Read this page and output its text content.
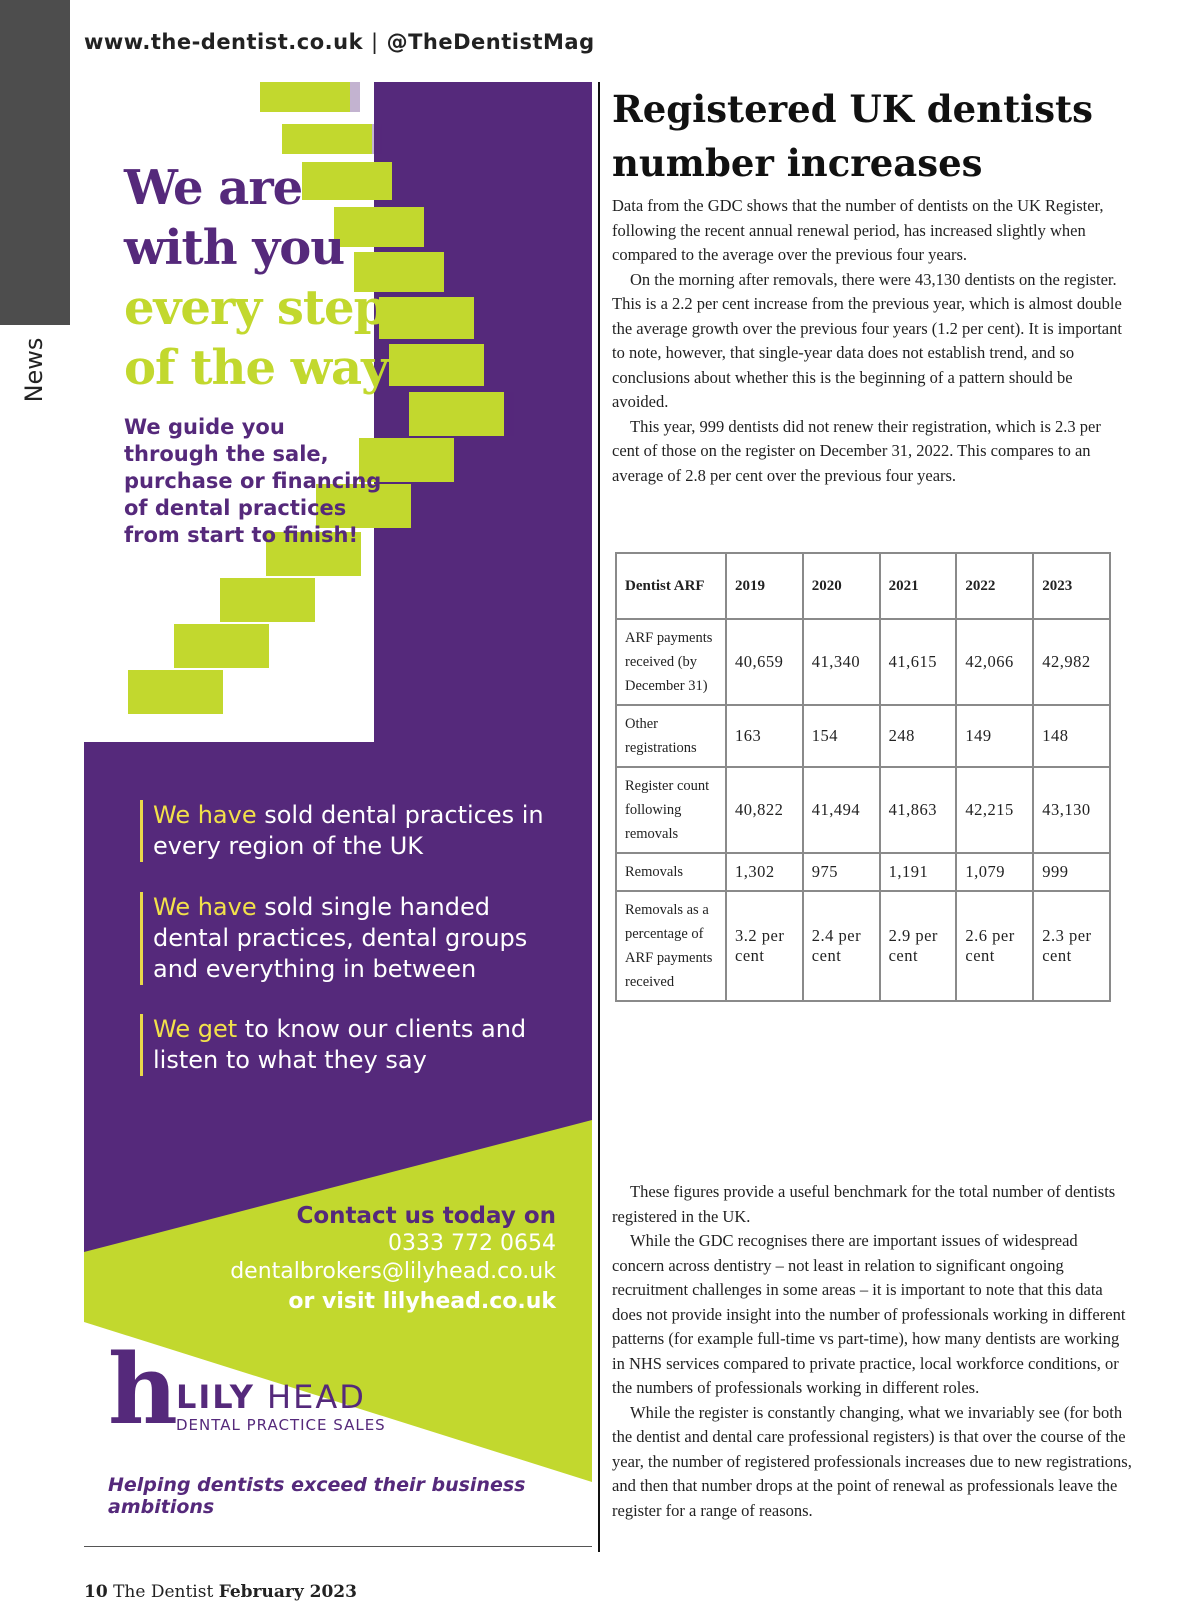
News
www.the-dentist.co.uk | @TheDentistMag
We are
with you
every step
of the way
We guide you through the sale, purchase or financing of dental practices from start to finish!
We have sold dental practices in every region of the UK
We have sold single handed dental practices, dental groups and everything in between
We get to know our clients and listen to what they say
Contact us today on
0333 772 0654
dentalbrokers@lilyhead.co.uk
or visit lilyhead.co.uk
h
LILY HEAD
DENTAL PRACTICE SALES
Helping dentists exceed their business ambitions
Registered UK dentists number increases

Data from the GDC shows that the number of dentists on the UK Register, following the recent annual renewal period, has increased slightly when compared to the average over the previous four years.

On the morning after removals, there were 43,130 dentists on the register. This is a 2.2 per cent increase from the previous year, which is almost double the average growth over the previous four years (1.2 per cent). It is important to note, however, that single-year data does not establish trend, and so conclusions about whether this is the beginning of a pattern should be avoided.

This year, 999 dentists did not renew their registration, which is 2.3 per cent of those on the register on December 31, 2022. This compares to an average of 2.8 per cent over the previous four years.

Dentist ARF	2019	2020	2021	2022	2023
ARF payments received (by December 31)	40,659	41,340	41,615	42,066	42,982
Other registrations	163	154	248	149	148
Register count following removals	40,822	41,494	41,863	42,215	43,130
Removals	1,302	975	1,191	1,079	999
Removals as a percentage of ARF payments received	3.2 per cent	2.4 per cent	2.9 per cent	2.6 per cent	2.3 per cent

These figures provide a useful benchmark for the total number of dentists registered in the UK.

While the GDC recognises there are important issues of widespread concern across dentistry – not least in relation to significant ongoing recruitment challenges in some areas – it is important to note that this data does not provide insight into the number of professionals working in different patterns (for example full-time vs part-time), how many dentists are working in NHS services compared to private practice, local workforce conditions, or the numbers of professionals working in different roles.

While the register is constantly changing, what we invariably see (for both the dentist and dental care professional registers) is that over the course of the year, the number of registered professionals increases due to new registrations, and then that number drops at the point of renewal as professionals leave the register for a range of reasons.

10 The Dentist February 2023
